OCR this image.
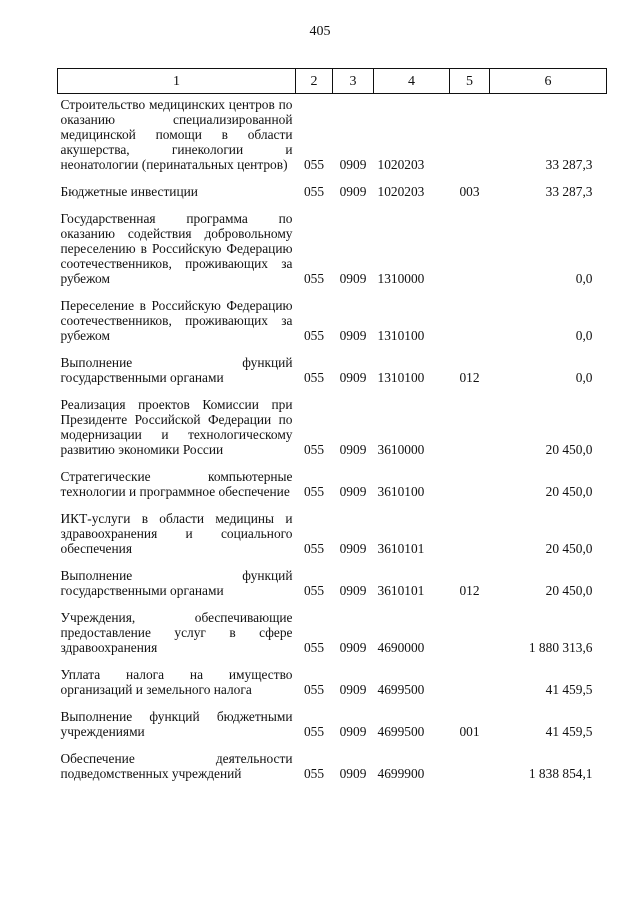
405
1	2	3	4	5	6
Строительство медицинских центров по оказанию специализированной медицинской помощи в области акушерства, гинекологии и неонатологии (перинатальных центров)	055	0909	1020203		33 287,3
Бюджетные инвестиции	055	0909	1020203	003	33 287,3
Государственная программа по оказанию содействия добровольному переселению в Российскую Федерацию соотечественников, проживающих за рубежом	055	0909	1310000		0,0
Переселение в Российскую Федерацию соотечественников, проживающих за рубежом	055	0909	1310100		0,0
Выполнение функций государственными органами	055	0909	1310100	012	0,0
Реализация проектов Комиссии при Президенте Российской Федерации по модернизации и технологическому развитию экономики России	055	0909	3610000		20 450,0
Стратегические компьютерные технологии и программное обеспечение	055	0909	3610100		20 450,0
ИКТ-услуги в области медицины и здравоохранения и социального обеспечения	055	0909	3610101		20 450,0
Выполнение функций государственными органами	055	0909	3610101	012	20 450,0
Учреждения, обеспечивающие предоставление услуг в сфере здравоохранения	055	0909	4690000		1 880 313,6
Уплата налога на имущество организаций и земельного налога	055	0909	4699500		41 459,5
Выполнение функций бюджетными учреждениями	055	0909	4699500	001	41 459,5
Обеспечение деятельности подведомственных учреждений	055	0909	4699900		1 838 854,1
